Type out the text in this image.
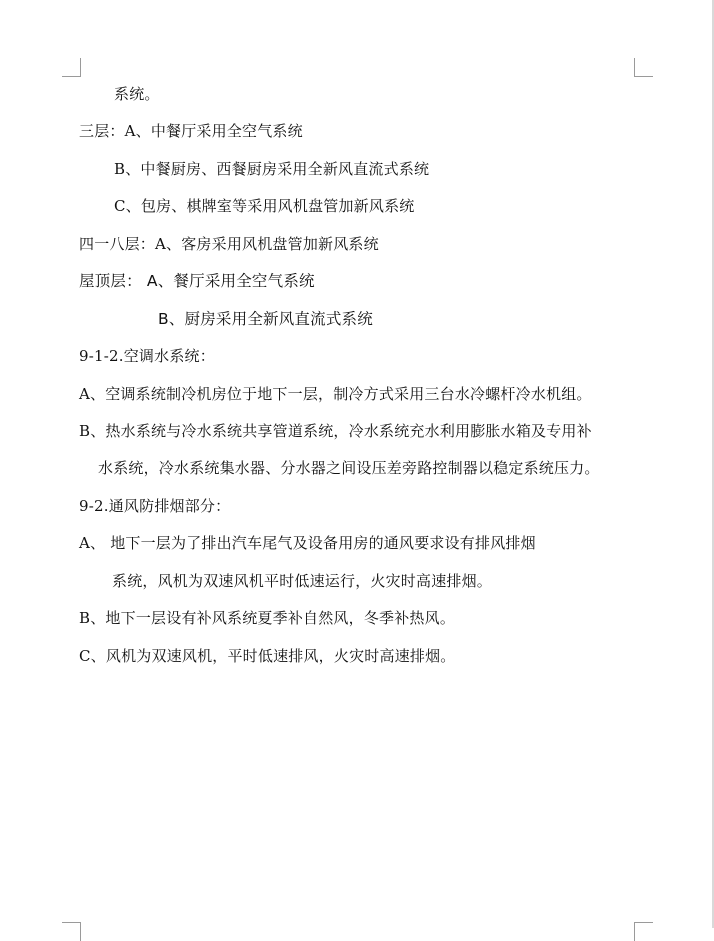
系统。
三层：A、中餐厅采用全空气系统
B、中餐厨房、西餐厨房采用全新风直流式系统
C、包房、棋牌室等采用风机盘管加新风系统
四一八层：A、客房采用风机盘管加新风系统
屋顶层： A、餐厅采用全空气系统
B、厨房采用全新风直流式系统
9-1-2.空调水系统：
A、空调系统制冷机房位于地下一层，制冷方式采用三台水冷螺杆冷水机组。
B、热水系统与冷水系统共享管道系统，冷水系统充水利用膨胀水箱及专用补
水系统，冷水系统集水器、分水器之间设压差旁路控制器以稳定系统压力。
9-2.通风防排烟部分：
A、 地下一层为了排出汽车尾气及设备用房的通风要求设有排风排烟
系统，风机为双速风机平时低速运行，火灾时高速排烟。
B、地下一层设有补风系统夏季补自然风，冬季补热风。
C、风机为双速风机，平时低速排风，火灾时高速排烟。
